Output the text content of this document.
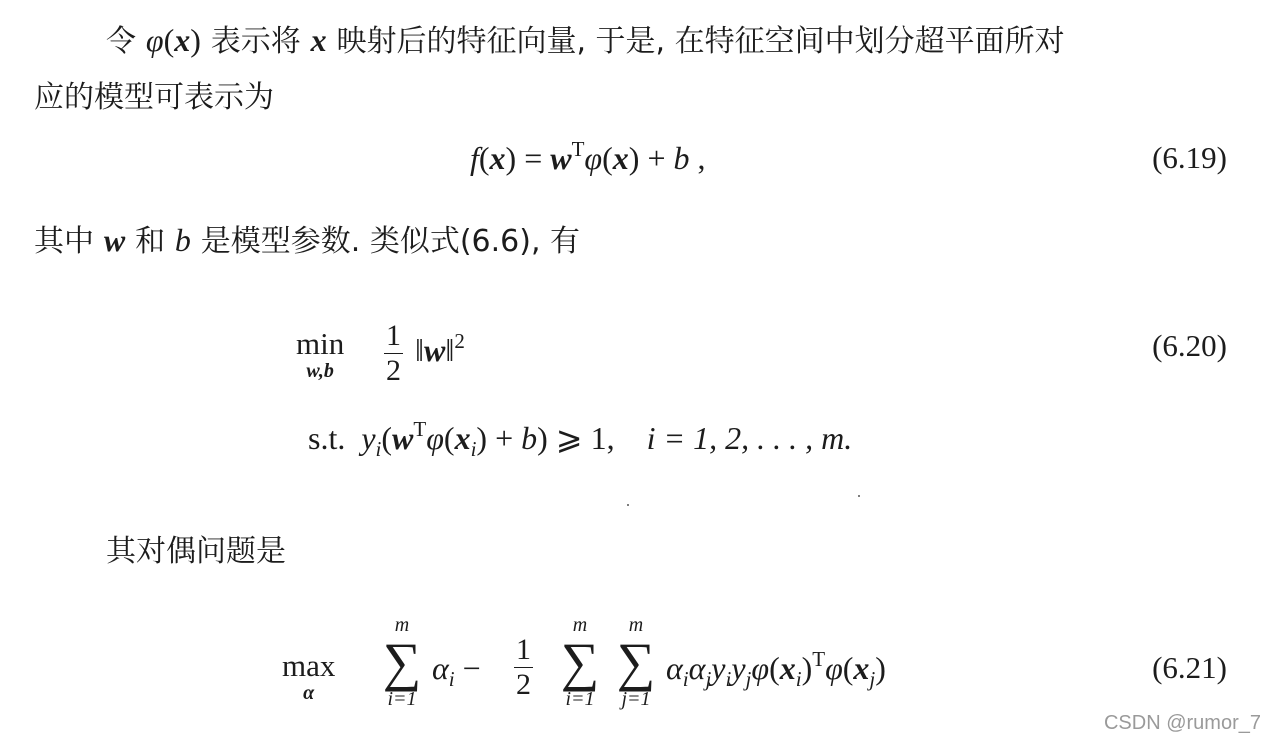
令 φ(x) 表示将 x 映射后的特征向量, 于是, 在特征空间中划分超平面所对
应的模型可表示为
$f(x) = w^T\varphi(x) + b$ ,	(6.19)
其中 w 和 b 是模型参数. 类似式(6.6), 有
min
w,b	$\frac{1}{2}$ ‖w‖$^2$	(6.20)
s.t. $y_i(w^T\varphi(x_i) + b)$ ⩾ 1, i = 1, 2, . . . , m.
其对偶问题是
max
α
m
∑
i=1
$\alpha_i - \frac{1}{2}$
m
∑
i=1
m
∑
j=1
$\alpha_i\alpha_jy_iy_j\varphi(x_i)^T\varphi(x_j)$	(6.21)
CSDN @rumor_7
